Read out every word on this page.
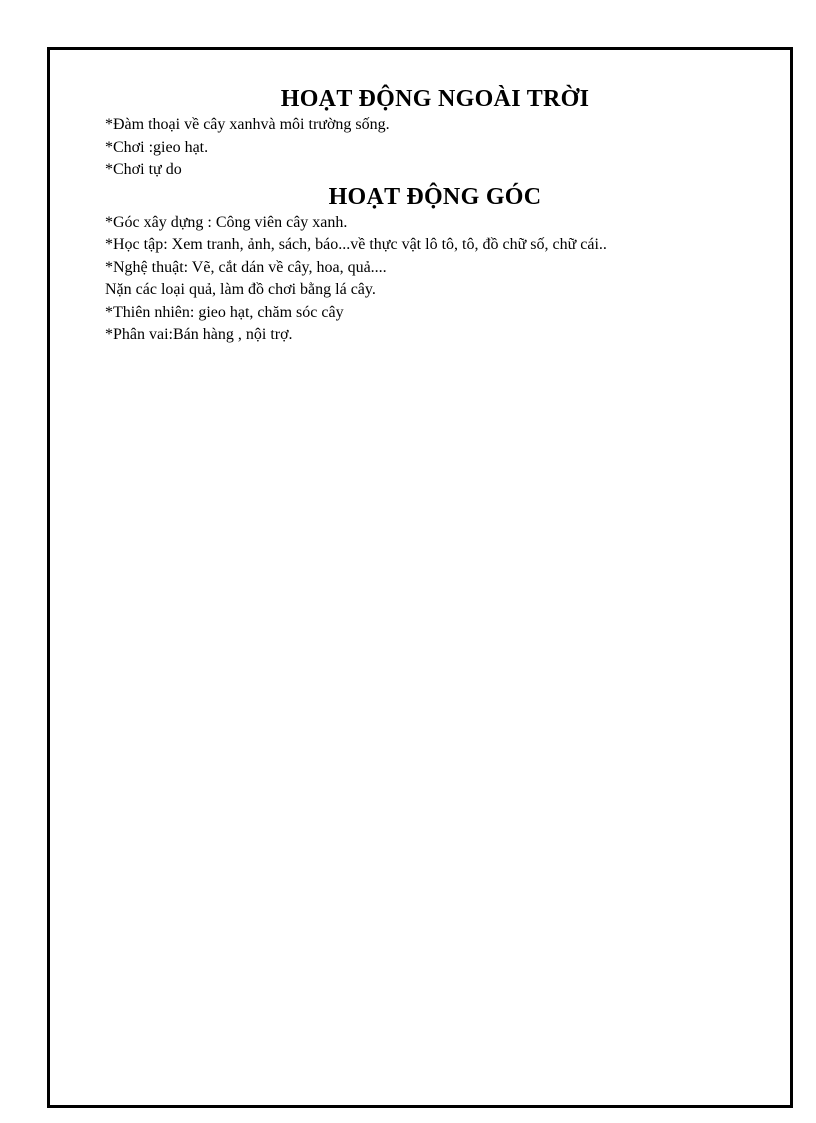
HOẠT ĐỘNG NGOÀI TRỜI

*Đàm thoại về cây xanhvà môi trường sống.

*Chơi :gieo hạt.

*Chơi tự do

HOẠT ĐỘNG GÓC

*Góc xây dựng : Công viên cây xanh.

*Học tập: Xem tranh, ảnh, sách, báo...về thực vật lô tô, tô, đồ chữ số, chữ cái..

*Nghệ thuật: Vẽ, cắt dán về cây, hoa, quả....

Nặn các loại quả, làm đồ chơi bằng lá cây.

*Thiên nhiên: gieo hạt, chăm sóc cây

*Phân vai:Bán hàng , nội trợ.
